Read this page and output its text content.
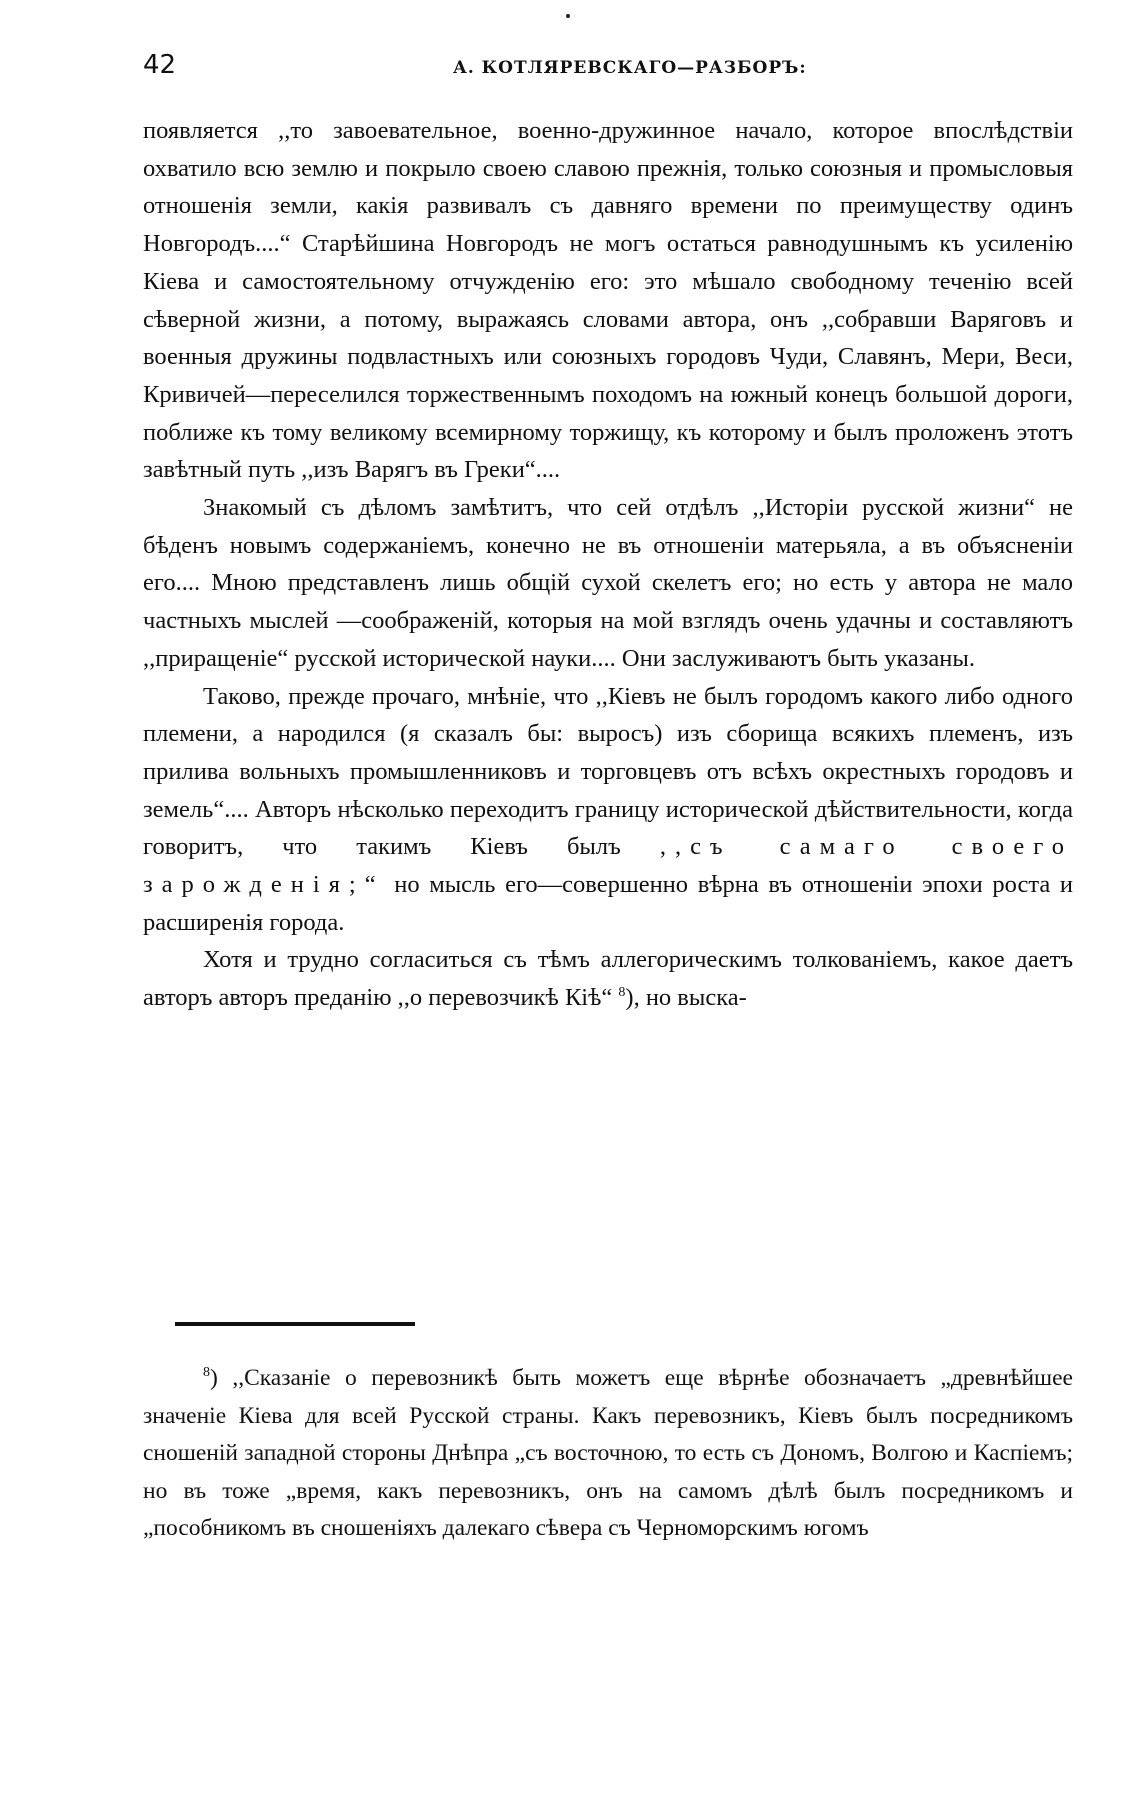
42	А. КОТЛЯРЕВСКАГО—РАЗБОРЪ:

появляется ,,то завоевательное, военно-дружинное начало, которое впослѣдствіи охватило всю землю и покрыло своею славою прежнія, только союзныя и промысловыя отношенія земли, какія развивалъ съ давняго времени по преимуществу одинъ Новгородъ....“ Старѣйшина Новгородъ не могъ остаться равнодушнымъ къ усиленію Кіева и самостоятельному отчужденію его: это мѣшало свободному теченію всей сѣверной жизни, а потому, выражаясь словами автора, онъ ,,собравши Варяговъ и военныя дружины подвластныхъ или союзныхъ городовъ Чуди, Славянъ, Мери, Веси, Кривичей—переселился торжественнымъ походомъ на южный конецъ большой дороги, поближе къ тому великому всемирному торжищу, къ которому и былъ проложенъ этотъ завѣтный путь ,,изъ Варягъ въ Греки“....

Знакомый съ дѣломъ замѣтитъ, что сей отдѣлъ ,,Исторіи русской жизни“ не бѣденъ новымъ содержаніемъ, конечно не въ отношеніи матерьяла, а въ объясненіи его.... Мною представленъ лишь общій сухой скелетъ его; но есть у автора не мало частныхъ мыслей —соображеній, которыя на мой взглядъ очень удачны и составляютъ ,,приращеніе“ русской исторической науки.... Они заслуживаютъ быть указаны.

Таково, прежде прочаго, мнѣніе, что ,,Кіевъ не былъ городомъ какого либо одного племени, а народился (я сказалъ бы: выросъ) изъ сборища всякихъ племенъ, изъ прилива вольныхъ промышленниковъ и торговцевъ отъ всѣхъ окрестныхъ городовъ и земель“.... Авторъ нѣсколько переходитъ границу исторической дѣйствительности, когда говоритъ, что такимъ Кіевъ былъ ,,съ самаго своего зарожденія;“ но мысль его—совершенно вѣрна въ отношеніи эпохи роста и расширенія города.

Хотя и трудно согласиться съ тѣмъ аллегорическимъ толкованіемъ, какое даетъ авторъ авторъ преданію ,,о перевозчикѣ Кіѣ“ $^8$), но выска-

$^8$) ,,Сказаніе о перевозникѣ быть можетъ еще вѣрнѣе обозначаетъ „древнѣйшее значеніе Кіева для всей Русской страны. Какъ перевозникъ, Кіевъ былъ посредникомъ сношеній западной стороны Днѣпра „съ восточною, то есть съ Дономъ, Волгою и Каспіемъ; но въ тоже „время, какъ перевозникъ, онъ на самомъ дѣлѣ былъ посредникомъ и „пособникомъ въ сношеніяхъ далекаго сѣвера съ Черноморскимъ югомъ
